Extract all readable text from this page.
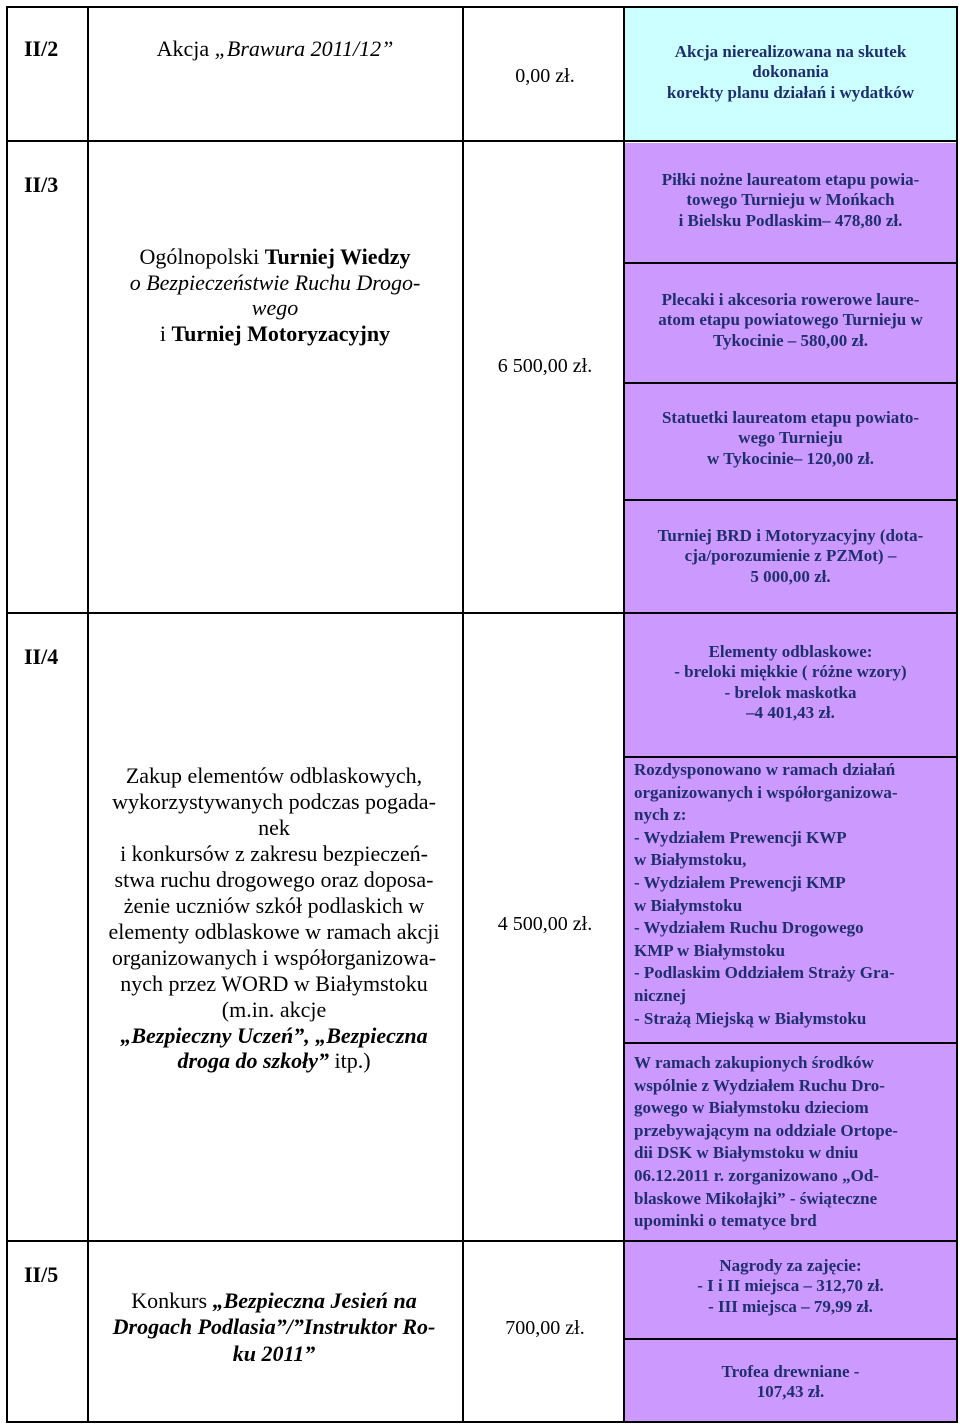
II/2	Akcja „Brawura 2011/12”
0,00 zł.
Akcja nierealizowana na skutek
dokonania
korekty planu działań i wydatków
II/3
Ogólnopolski Turniej Wiedzy
o Bezpieczeństwie Ruchu Drogo-
wego
i Turniej Motoryzacyjny
6 500,00 zł.
Piłki nożne laureatom etapu powia-
towego Turnieju w Mońkach
i Bielsku Podlaskim– 478,80 zł.
Plecaki i akcesoria rowerowe laure-
atom etapu powiatowego Turnieju w
Tykocinie – 580,00 zł.
Statuetki laureatom etapu powiato-
wego Turnieju
w Tykocinie– 120,00 zł.
Turniej BRD i Motoryzacyjny (dota-
cja/porozumienie z PZMot) –
5 000,00 zł.
II/4
Zakup elementów odblaskowych,
wykorzystywanych podczas pogada-
nek
i konkursów z zakresu bezpieczeń-
stwa ruchu drogowego oraz doposa-
żenie uczniów szkół podlaskich w
elementy odblaskowe w ramach akcji
organizowanych i współorganizowa-
nych przez WORD w Białymstoku
(m.in. akcje
„Bezpieczny Uczeń”, „Bezpieczna
droga do szkoły” itp.)
4 500,00 zł.
Elementy odblaskowe:
- breloki miękkie ( różne wzory)
- brelok maskotka
–4 401,43 zł.
Rozdysponowano w ramach działań
organizowanych i współorganizowa-
nych z:
- Wydziałem Prewencji KWP
w Białymstoku,
- Wydziałem Prewencji KMP
w Białymstoku
- Wydziałem Ruchu Drogowego
KMP w Białymstoku
- Podlaskim Oddziałem Straży Gra-
nicznej
- Strażą Miejską w Białymstoku
W ramach zakupionych środków
wspólnie z Wydziałem Ruchu Dro-
gowego w Białymstoku dzieciom
przebywającym na oddziale Ortope-
dii DSK w Białymstoku w dniu
06.12.2011 r. zorganizowano „Od-
blaskowe Mikołajki” - świąteczne
upominki o tematyce brd
II/5
Konkurs „Bezpieczna Jesień na
Drogach Podlasia”/”Instruktor Ro-
ku 2011”
700,00 zł.
Nagrody za zajęcie:
- I i II miejsca – 312,70 zł.
- III miejsca – 79,99 zł.
Trofea drewniane -
107,43 zł.
